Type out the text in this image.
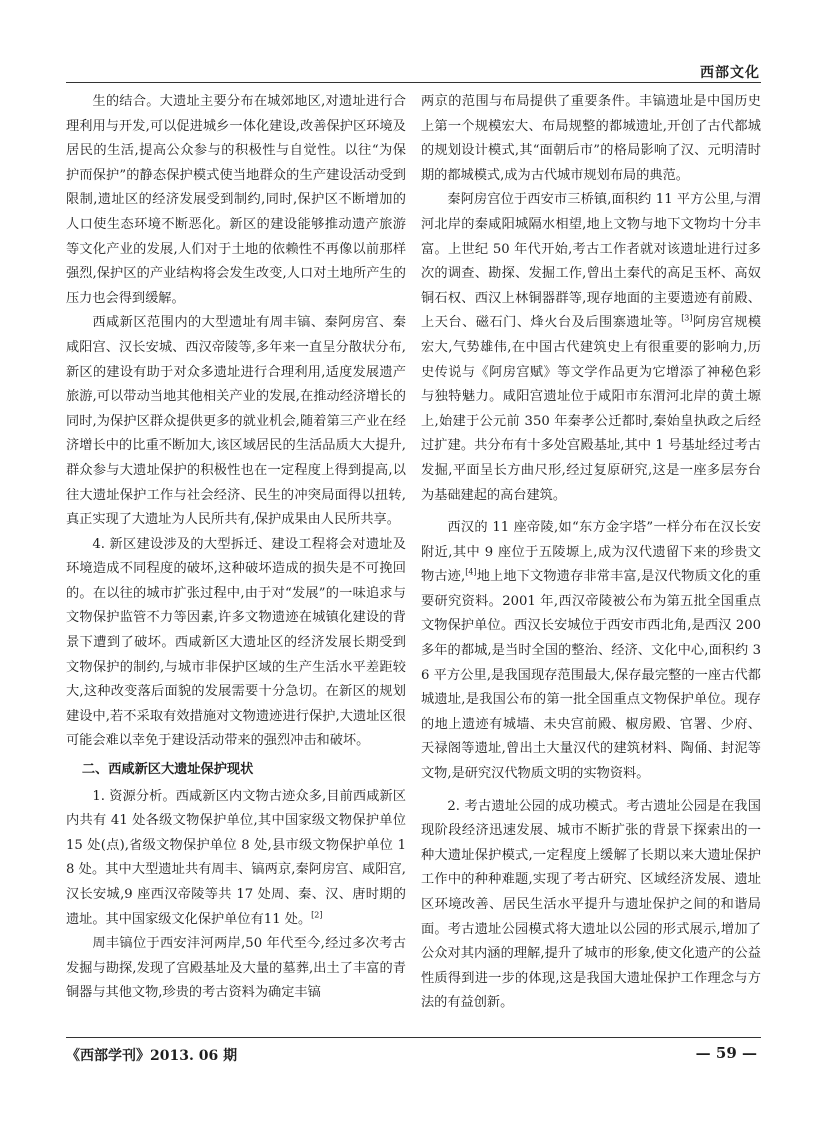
西部文化

生的结合。大遗址主要分布在城郊地区,对遗址进行合理利用与开发,可以促进城乡一体化建设,改善保护区环境及居民的生活,提高公众参与的积极性与自觉性。以往“为保护而保护”的静态保护模式使当地群众的生产建设活动受到限制,遗址区的经济发展受到制约,同时,保护区不断增加的人口使生态环境不断恶化。新区的建设能够推动遗产旅游等文化产业的发展,人们对于土地的依赖性不再像以前那样强烈,保护区的产业结构将会发生改变,人口对土地所产生的压力也会得到缓解。

西咸新区范围内的大型遗址有周丰镐、秦阿房宫、秦咸阳宫、汉长安城、西汉帝陵等,多年来一直呈分散状分布,新区的建设有助于对众多遗址进行合理利用,适度发展遗产旅游,可以带动当地其他相关产业的发展,在推动经济增长的同时,为保护区群众提供更多的就业机会,随着第三产业在经济增长中的比重不断加大,该区域居民的生活品质大大提升,群众参与大遗址保护的积极性也在一定程度上得到提高,以往大遗址保护工作与社会经济、民生的冲突局面得以扭转,真正实现了大遗址为人民所共有,保护成果由人民所共享。

4. 新区建设涉及的大型拆迁、建设工程将会对遗址及环境造成不同程度的破坏,这种破坏造成的损失是不可挽回的。在以往的城市扩张过程中,由于对“发展”的一味追求与文物保护监管不力等因素,许多文物遗迹在城镇化建设的背景下遭到了破坏。西咸新区大遗址区的经济发展长期受到文物保护的制约,与城市非保护区域的生产生活水平差距较大,这种改变落后面貌的发展需要十分急切。在新区的规划建设中,若不采取有效措施对文物遗迹进行保护,大遗址区很可能会难以幸免于建设活动带来的强烈冲击和破坏。

二、西咸新区大遗址保护现状

1. 资源分析。西咸新区内文物古迹众多,目前西咸新区内共有 41 处各级文物保护单位,其中国家级文物保护单位 15 处(点),省级文物保护单位 8 处,县市级文物保护单位 18 处。其中大型遗址共有周丰、镐两京,秦阿房宫、咸阳宫,汉长安城,9 座西汉帝陵等共 17 处周、秦、汉、唐时期的遗址。其中国家级文化保护单位有11 处。[2]

周丰镐位于西安沣河两岸,50 年代至今,经过多次考古发掘与勘探,发现了宫殿基址及大量的墓葬,出土了丰富的青铜器与其他文物,珍贵的考古资料为确定丰镐

两京的范围与布局提供了重要条件。丰镐遗址是中国历史上第一个规模宏大、布局规整的都城遗址,开创了古代都城的规划设计模式,其“面朝后市”的格局影响了汉、元明清时期的都城模式,成为古代城市规划布局的典范。

秦阿房宫位于西安市三桥镇,面积约 11 平方公里,与渭河北岸的秦咸阳城隔水相望,地上文物与地下文物均十分丰富。上世纪 50 年代开始,考古工作者就对该遗址进行过多次的调查、勘探、发掘工作,曾出土秦代的高足玉杯、高奴铜石权、西汉上林铜器群等,现存地面的主要遗迹有前殿、上天台、磁石门、烽火台及后围寨遗址等。[3]阿房宫规模宏大,气势雄伟,在中国古代建筑史上有很重要的影响力,历史传说与《阿房宫赋》等文学作品更为它增添了神秘色彩与独特魅力。咸阳宫遗址位于咸阳市东渭河北岸的黄土塬上,始建于公元前 350 年秦孝公迁都时,秦始皇执政之后经过扩建。共分布有十多处宫殿基址,其中 1 号基址经过考古发掘,平面呈长方曲尺形,经过复原研究,这是一座多层夯台为基础建起的高台建筑。

西汉的 11 座帝陵,如“东方金字塔”一样分布在汉长安附近,其中 9 座位于五陵塬上,成为汉代遗留下来的珍贵文物古迹,[4]地上地下文物遗存非常丰富,是汉代物质文化的重要研究资料。2001 年,西汉帝陵被公布为第五批全国重点文物保护单位。西汉长安城位于西安市西北角,是西汉 200 多年的都城,是当时全国的整治、经济、文化中心,面积约 36 平方公里,是我国现存范围最大,保存最完整的一座古代都城遗址,是我国公布的第一批全国重点文物保护单位。现存的地上遗迹有城墙、未央宫前殿、椒房殿、官署、少府、天禄阁等遗址,曾出土大量汉代的建筑材料、陶俑、封泥等文物,是研究汉代物质文明的实物资料。

2. 考古遗址公园的成功模式。考古遗址公园是在我国现阶段经济迅速发展、城市不断扩张的背景下探索出的一种大遗址保护模式,一定程度上缓解了长期以来大遗址保护工作中的种种难题,实现了考古研究、区域经济发展、遗址区环境改善、居民生活水平提升与遗址保护之间的和谐局面。考古遗址公园模式将大遗址以公园的形式展示,增加了公众对其内涵的理解,提升了城市的形象,使文化遗产的公益性质得到进一步的体现,这是我国大遗址保护工作理念与方法的有益创新。

《西部学刊》2013. 06 期	— 59 —
